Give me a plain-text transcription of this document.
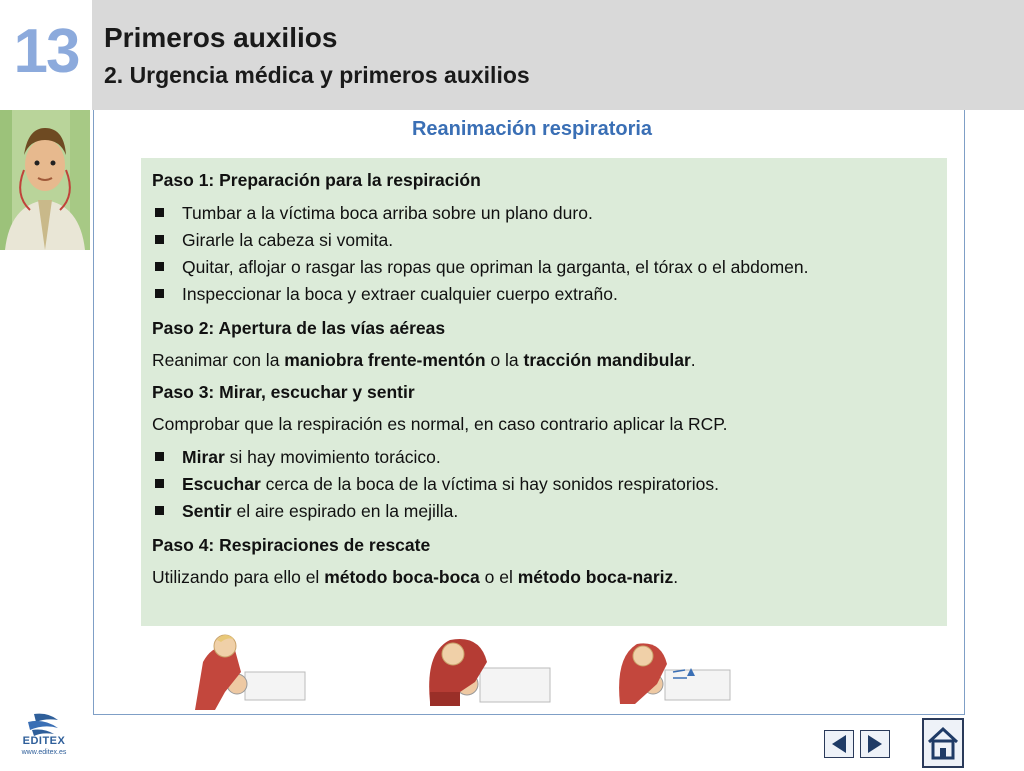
13 Primeros auxilios
2. Urgencia médica y primeros auxilios
Reanimación respiratoria
Paso 1: Preparación para la respiración
Tumbar a la víctima boca arriba sobre un plano duro.
Girarle la cabeza si vomita.
Quitar, aflojar o rasgar las ropas que opriman la garganta, el tórax o el abdomen.
Inspeccionar la boca y extraer cualquier cuerpo extraño.
Paso 2: Apertura de las vías aéreas
Reanimar con la maniobra frente-mentón o la tracción mandibular.
Paso 3: Mirar, escuchar y sentir
Comprobar que la respiración es normal, en caso contrario aplicar la RCP.
Mirar si hay movimiento torácico.
Escuchar cerca de la boca de la víctima si hay sonidos respiratorios.
Sentir el aire espirado en la mejilla.
Paso 4: Respiraciones de rescate
Utilizando para ello el método boca-boca o el método boca-nariz.
EDITEX
www.editex.es
